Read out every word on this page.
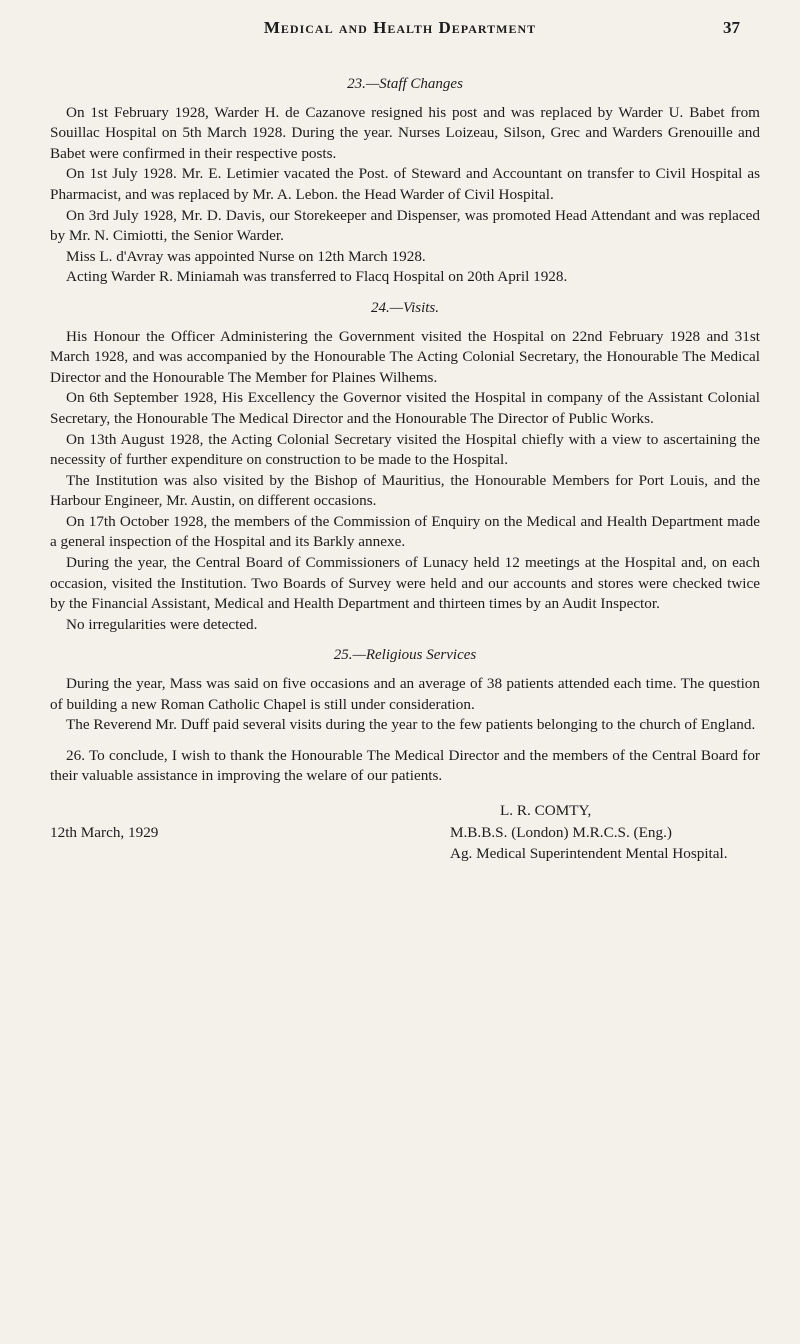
Medical and Health Department	37
23.—Staff Changes

On 1st February 1928, Warder H. de Cazanove resigned his post and was replaced by Warder U. Babet from Souillac Hospital on 5th March 1928. During the year. Nurses Loizeau, Silson, Grec and Warders Grenouille and Babet were confirmed in their respective posts.

On 1st July 1928. Mr. E. Letimier vacated the Post. of Steward and Accountant on transfer to Civil Hospital as Pharmacist, and was replaced by Mr. A. Lebon. the Head Warder of Civil Hospital.

On 3rd July 1928, Mr. D. Davis, our Storekeeper and Dispenser, was promoted Head Attendant and was replaced by Mr. N. Cimiotti, the Senior Warder.

Miss L. d'Avray was appointed Nurse on 12th March 1928.

Acting Warder R. Miniamah was transferred to Flacq Hospital on 20th April 1928.

24.—Visits.

His Honour the Officer Administering the Government visited the Hospital on 22nd February 1928 and 31st March 1928, and was accompanied by the Honourable The Acting Colonial Secretary, the Honourable The Medical Director and the Honourable The Member for Plaines Wilhems.

On 6th September 1928, His Excellency the Governor visited the Hospital in company of the Assistant Colonial Secretary, the Honourable The Medical Director and the Honourable The Director of Public Works.

On 13th August 1928, the Acting Colonial Secretary visited the Hospital chiefly with a view to ascertaining the necessity of further expenditure on construction to be made to the Hospital.

The Institution was also visited by the Bishop of Mauritius, the Honourable Members for Port Louis, and the Harbour Engineer, Mr. Austin, on different occasions.

On 17th October 1928, the members of the Commission of Enquiry on the Medical and Health Department made a general inspection of the Hospital and its Barkly annexe.

During the year, the Central Board of Commissioners of Lunacy held 12 meetings at the Hospital and, on each occasion, visited the Institution. Two Boards of Survey were held and our accounts and stores were checked twice by the Financial Assistant, Medical and Health Department and thirteen times by an Audit Inspector.

No irregularities were detected.

25.—Religious Services

During the year, Mass was said on five occasions and an average of 38 patients attended each time. The question of building a new Roman Catholic Chapel is still under consideration.

The Reverend Mr. Duff paid several visits during the year to the few patients belonging to the church of England.

26. To conclude, I wish to thank the Honourable The Medical Director and the members of the Central Board for their valuable assistance in improving the welare of our patients.

L. R. COMTY,
12th March, 1929	M.B.B.S. (London) M.R.C.S. (Eng.)
Ag. Medical Superintendent Mental Hospital.
